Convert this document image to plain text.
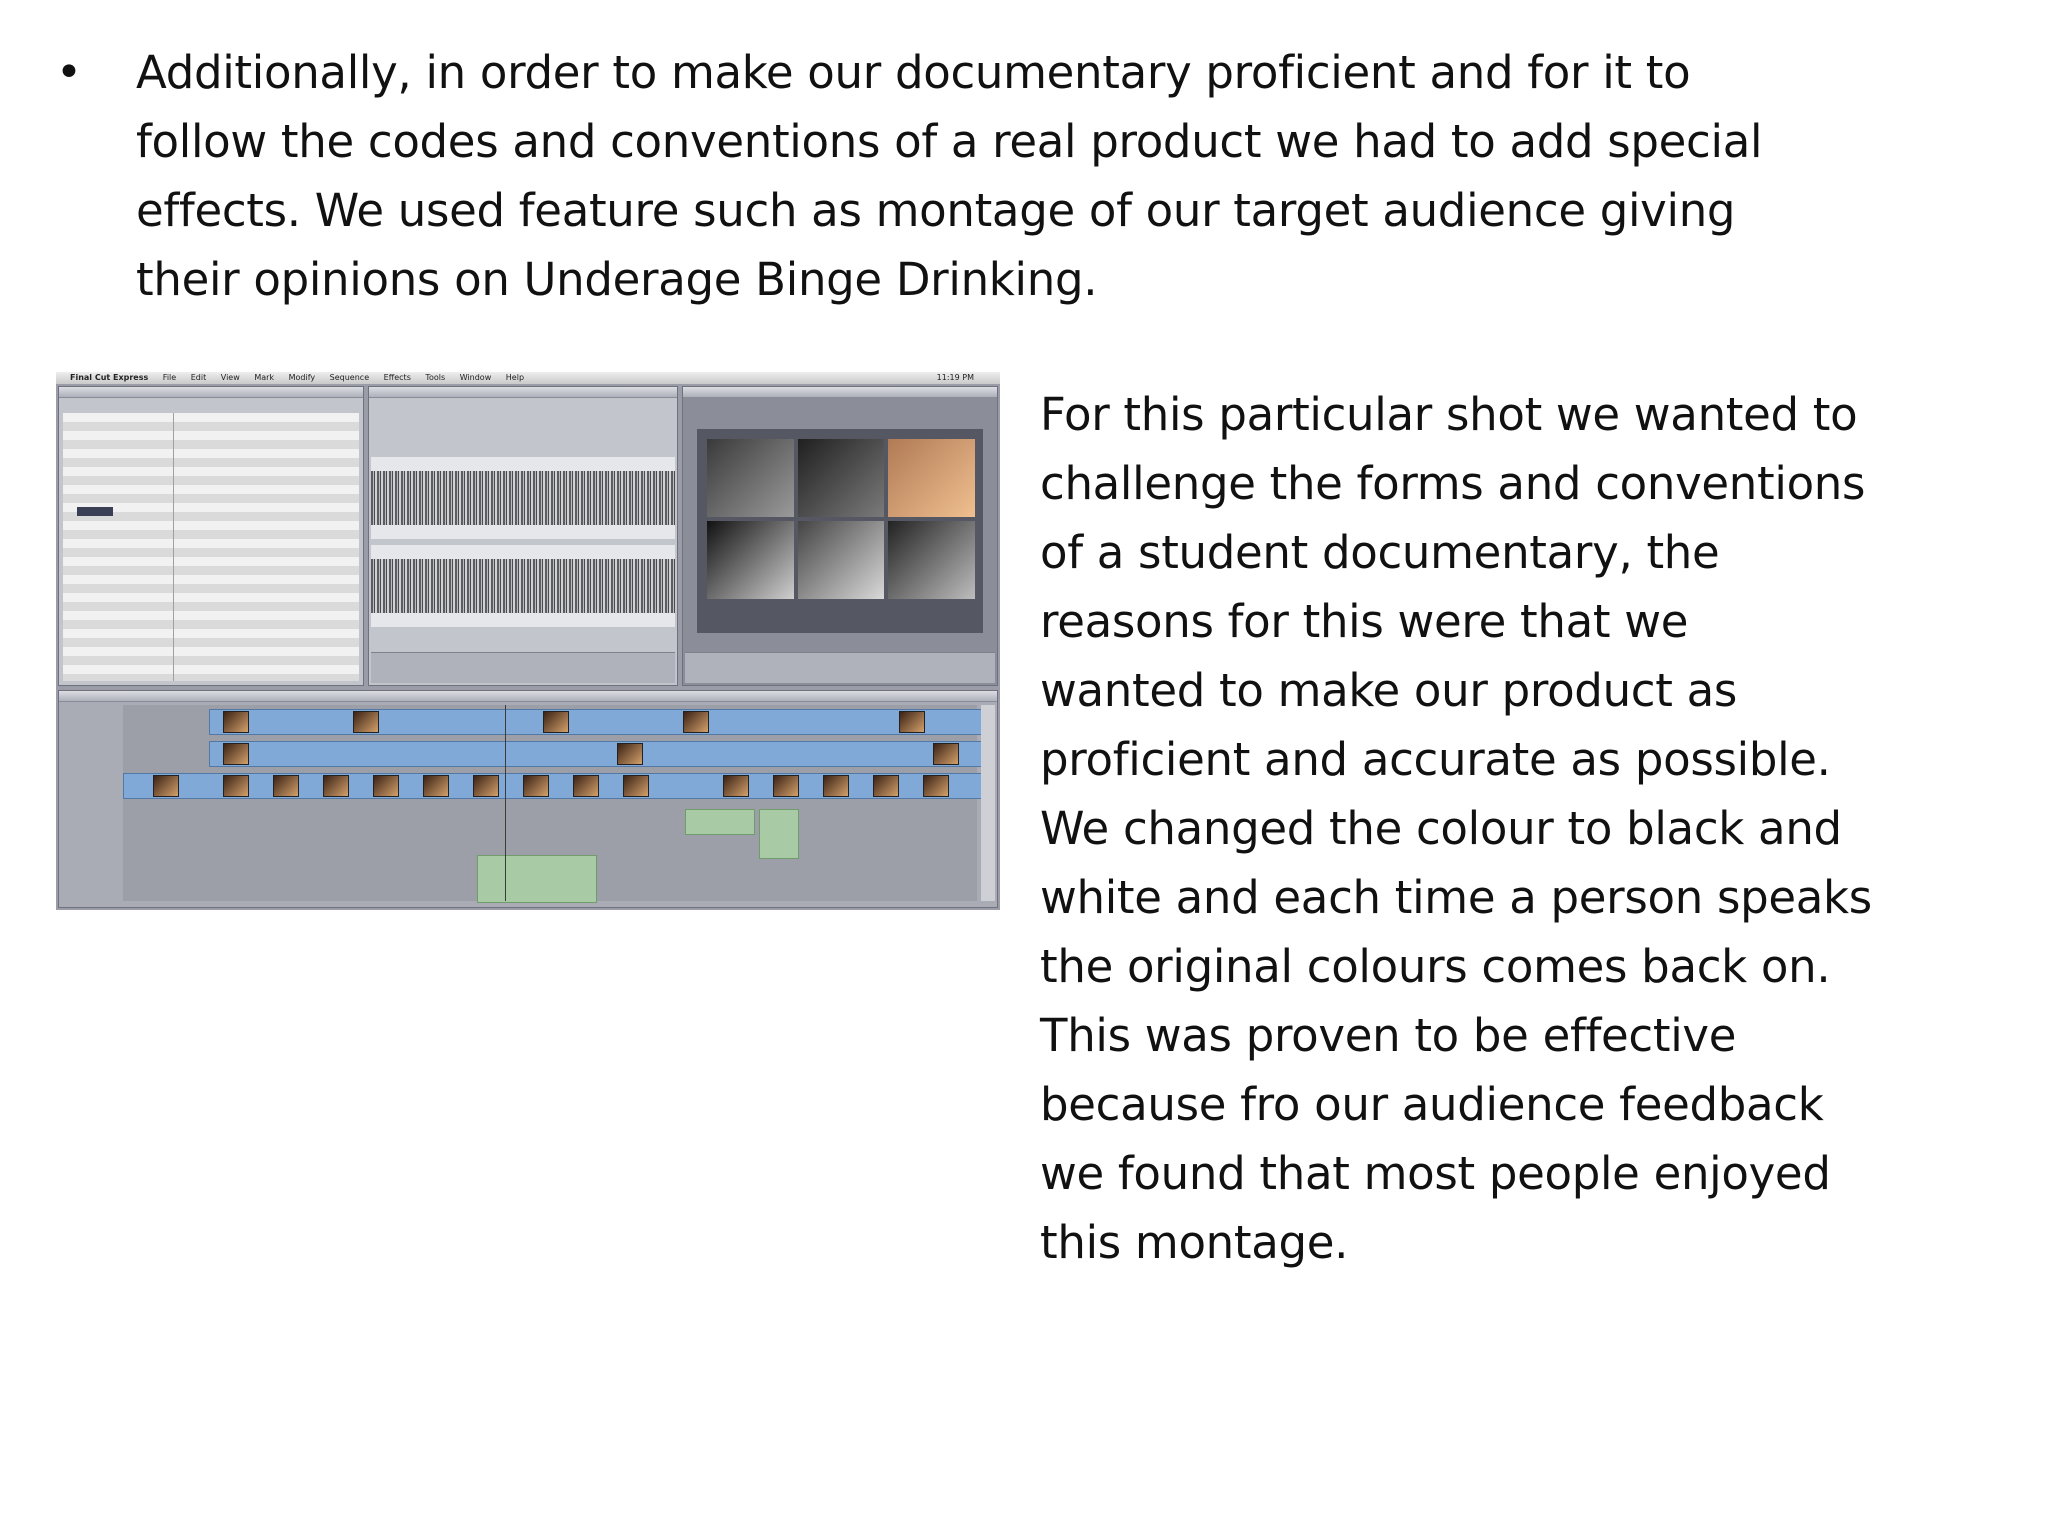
• Additionally, in order to make our documentary proficient and for it to
follow the codes and conventions of a real product we had to add special
effects. We used feature such as montage of our target audience giving
their opinions on Underage Binge Drinking.
Final Cut Express File Edit View Mark Modify Sequence Effects Tools Window Help	11:19 PM
For this particular shot we wanted to
challenge the forms and conventions
of a student documentary, the
reasons for this were that we
wanted to make our product as
proficient and accurate as possible.
We changed the colour to black and
white and each time a person speaks
the original colours comes back on.
This was proven to be effective
because fro our audience feedback
we found that most people enjoyed
this montage.
